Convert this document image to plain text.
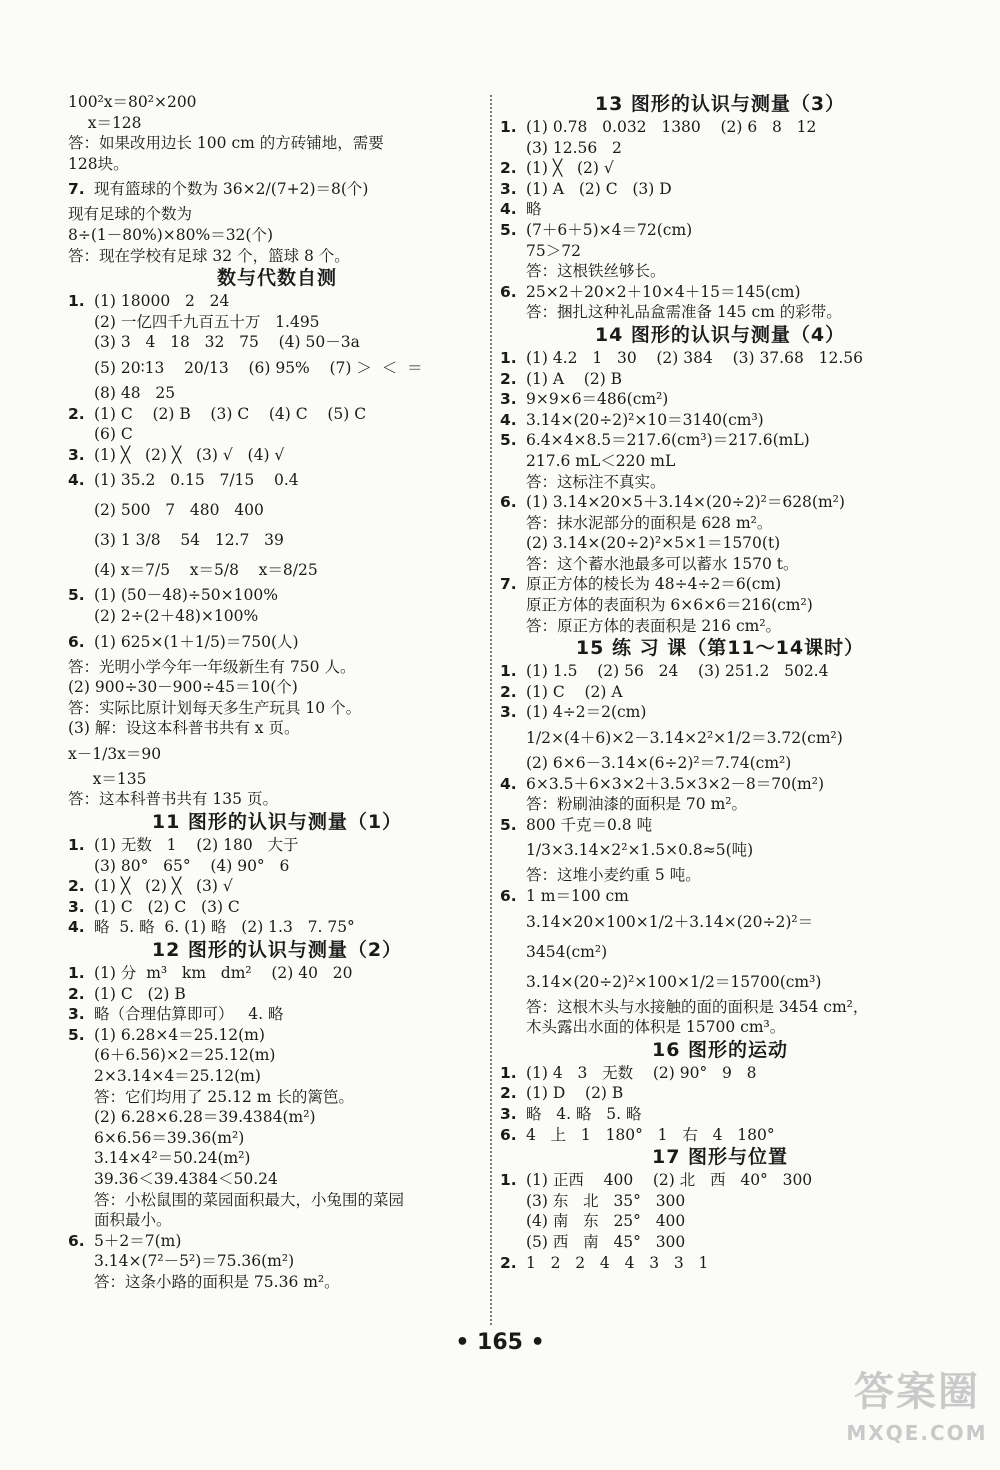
100²x＝80²×200
x＝128
答：如果改用边长 100 cm 的方砖铺地，需要
128块。
7. 现有篮球的个数为 36×2/(7+2)＝8(个)
现有足球的个数为
8÷(1－80%)×80%＝32(个)
答：现在学校有足球 32 个，篮球 8 个。
数与代数自测
1. (1) 18000   2   24
(2) 一亿四千九百五十万   1.495
(3) 3   4   18   32   75    (4) 50－3a
(5) 20∶13    20/13    (6) 95%    (7) ＞  ＜  ＝
(8) 48   25
2. (1) C    (2) B    (3) C    (4) C    (5) C
(6) C
3. (1) ╳   (2) ╳   (3) √   (4) √
4. (1) 35.2   0.15   7/15    0.4
(2) 500   7   480   400
(3) 1 3/8    54   12.7   39
(4) x＝7/5    x＝5/8    x＝8/25
5. (1) (50－48)÷50×100%
(2) 2÷(2＋48)×100%
6. (1) 625×(1＋1/5)＝750(人)
答：光明小学今年一年级新生有 750 人。
(2) 900÷30－900÷45＝10(个)
答：实际比原计划每天多生产玩具 10 个。
(3) 解：设这本科普书共有 x 页。
x－1/3x＝90
x＝135
答：这本科普书共有 135 页。
11 图形的认识与测量（1）
1. (1) 无数   1    (2) 180   大于
(3) 80°   65°    (4) 90°   6
2. (1) ╳   (2) ╳   (3) √
3. (1) C   (2) C   (3) C
4. 略  5. 略  6. (1) 略   (2) 1.3   7. 75°
12 图形的认识与测量（2）
1. (1) 分  m³   km   dm²    (2) 40   20
2. (1) C   (2) B
3. 略（合理估算即可）   4. 略
5. (1) 6.28×4＝25.12(m)
(6＋6.56)×2＝25.12(m)
2×3.14×4＝25.12(m)
答：它们均用了 25.12 m 长的篱笆。
(2) 6.28×6.28＝39.4384(m²)
6×6.56＝39.36(m²)
3.14×4²＝50.24(m²)
39.36＜39.4384＜50.24
答：小松鼠围的菜园面积最大，小兔围的菜园
面积最小。
6. 5＋2＝7(m)
3.14×(7²－5²)＝75.36(m²)
答：这条小路的面积是 75.36 m²。
13 图形的认识与测量（3）
1. (1) 0.78   0.032   1380    (2) 6   8   12
(3) 12.56   2
2. (1) ╳   (2) √
3. (1) A   (2) C   (3) D
4. 略
5. (7＋6＋5)×4＝72(cm)
75＞72
答：这根铁丝够长。
6. 25×2＋20×2＋10×4＋15＝145(cm)
答：捆扎这种礼品盒需准备 145 cm 的彩带。
14 图形的认识与测量（4）
1. (1) 4.2   1   30    (2) 384    (3) 37.68   12.56
2. (1) A    (2) B
3. 9×9×6＝486(cm²)
4. 3.14×(20÷2)²×10＝3140(cm³)
5. 6.4×4×8.5＝217.6(cm³)＝217.6(mL)
217.6 mL＜220 mL
答：这标注不真实。
6. (1) 3.14×20×5＋3.14×(20÷2)²＝628(m²)
答：抹水泥部分的面积是 628 m²。
(2) 3.14×(20÷2)²×5×1＝1570(t)
答：这个蓄水池最多可以蓄水 1570 t。
7. 原正方体的棱长为 48÷4÷2＝6(cm)
原正方体的表面积为 6×6×6＝216(cm²)
答：原正方体的表面积是 216 cm²。
15 练 习 课（第11～14课时）
1. (1) 1.5    (2) 56   24    (3) 251.2   502.4
2. (1) C    (2) A
3. (1) 4÷2＝2(cm)
1/2×(4＋6)×2－3.14×2²×1/2＝3.72(cm²)
(2) 6×6－3.14×(6÷2)²＝7.74(cm²)
4. 6×3.5＋6×3×2＋3.5×3×2－8＝70(m²)
答：粉刷油漆的面积是 70 m²。
5. 800 千克＝0.8 吨
1/3×3.14×2²×1.5×0.8≈5(吨)
答：这堆小麦约重 5 吨。
6. 1 m＝100 cm
3.14×20×100×1/2＋3.14×(20÷2)²＝
3454(cm²)
3.14×(20÷2)²×100×1/2＝15700(cm³)
答：这根木头与水接触的面的面积是 3454 cm²，
木头露出水面的体积是 15700 cm³。
16 图形的运动
1. (1) 4   3   无数    (2) 90°   9   8
2. (1) D    (2) B
3. 略   4. 略   5. 略
6. 4   上   1   180°   1   右   4   180°
17 图形与位置
1. (1) 正西    400    (2) 北   西   40°   300
(3) 东   北   35°   300
(4) 南   东   25°   400
(5) 西   南   45°   300
2. 1   2   2   4   4   3   3   1
• 165 •
答案圈
MXQE.COM
